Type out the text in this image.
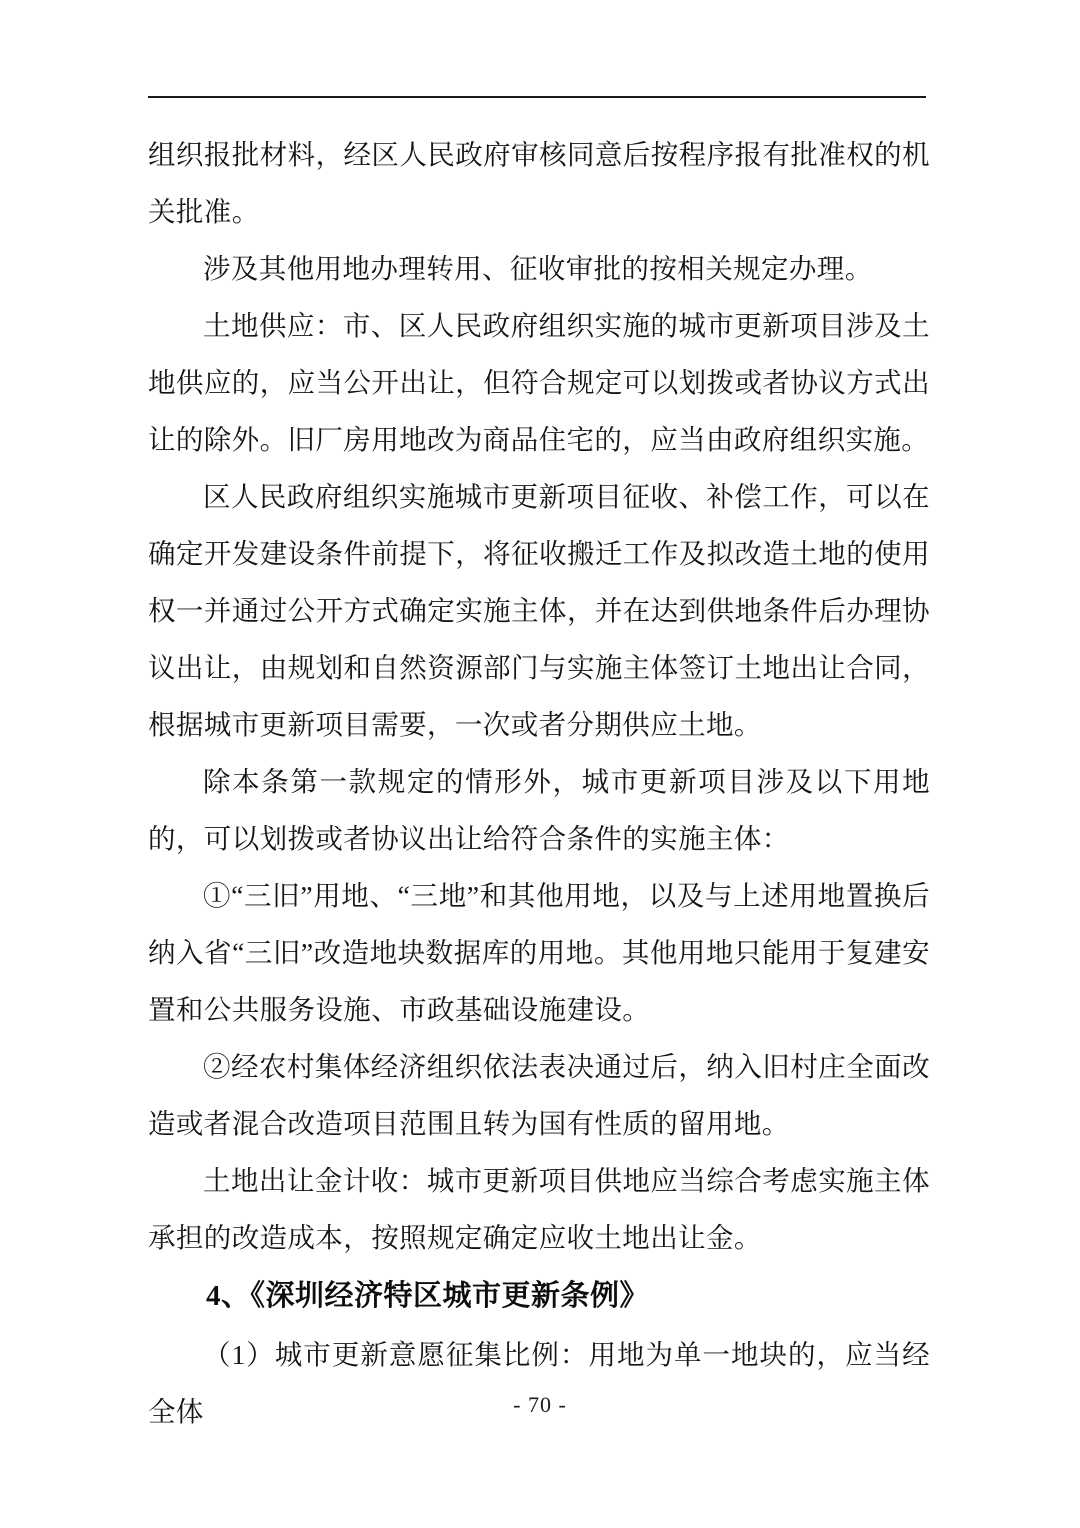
组织报批材料，经区人民政府审核同意后按程序报有批准权的机关批准。

涉及其他用地办理转用、征收审批的按相关规定办理。

土地供应：市、区人民政府组织实施的城市更新项目涉及土地供应的，应当公开出让，但符合规定可以划拨或者协议方式出让的除外。旧厂房用地改为商品住宅的，应当由政府组织实施。

区人民政府组织实施城市更新项目征收、补偿工作，可以在确定开发建设条件前提下，将征收搬迁工作及拟改造土地的使用权一并通过公开方式确定实施主体，并在达到供地条件后办理协议出让，由规划和自然资源部门与实施主体签订土地出让合同，根据城市更新项目需要，一次或者分期供应土地。

除本条第一款规定的情形外，城市更新项目涉及以下用地的，可以划拨或者协议出让给符合条件的实施主体：

①“三旧”用地、“三地”和其他用地，以及与上述用地置换后纳入省“三旧”改造地块数据库的用地。其他用地只能用于复建安置和公共服务设施、市政基础设施建设。

②经农村集体经济组织依法表决通过后，纳入旧村庄全面改造或者混合改造项目范围且转为国有性质的留用地。

土地出让金计收：城市更新项目供地应当综合考虑实施主体承担的改造成本，按照规定确定应收土地出让金。

4、《深圳经济特区城市更新条例》

（1）城市更新意愿征集比例：用地为单一地块的，应当经全体	- 70 -
